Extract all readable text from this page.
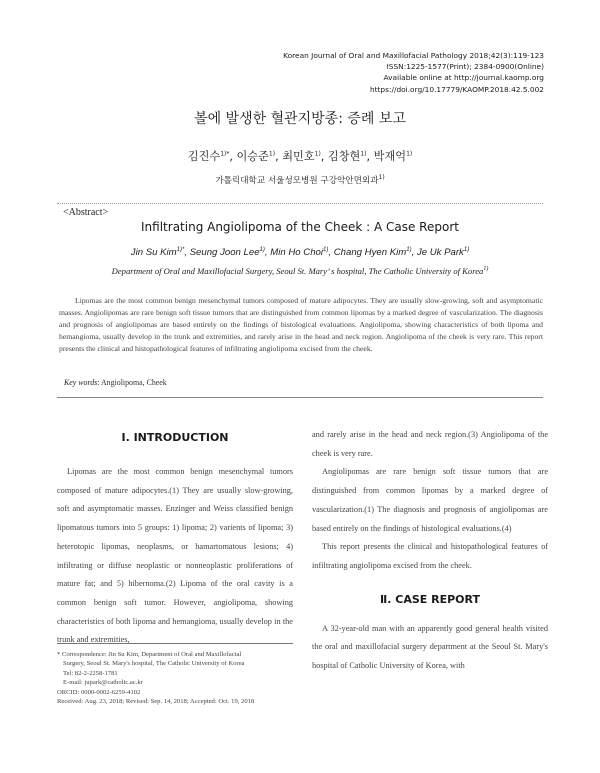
Korean Journal of Oral and Maxillofacial Pathology 2018;42(3):119-123
ISSN:1225-1577(Print); 2384-0900(Online)
Available online at http://journal.kaomp.org
https://doi.org/10.17779/KAOMP.2018.42.5.002
볼에 발생한 혈관지방종: 증례 보고
김진수$^{1)*}$, 이승준$^{1)}$, 최민호$^{1)}$, 김창현$^{1)}$, 박재억$^{1)}$
가톨릭대학교 서울성모병원 구강악안면외과$^{1)}$
<Abstract>
Infiltrating Angiolipoma of the Cheek : A Case Report
Jin Su Kim$^{1)*}$, Seung Joon Lee$^{1)}$, Min Ho Choi$^{1)}$, Chang Hyen Kim$^{1)}$, Je Uk Park$^{1)}$
Department of Oral and Maxillofacial Surgery, Seoul St. Mary’ s hospital, The Catholic University of Korea$^{1)}$

Lipomas are the most common benign mesenchymal tumors composed of mature adipocytes. They are usually slow-growing, soft and asymptomatic masses. Angiolipomas are rare benign soft tissue tumors that are distinguished from common lipomas by a marked degree of vascularization. The diagnosis and prognosis of angiolipomas are based entirely on the findings of histological evaluations. Angiolipoma, showing characteristics of both lipoma and hemangioma, usually develop in the trunk and extremities, and rarely arise in the head and neck region. Angiolipoma of the cheek is very rare. This report presents the clinical and histopathological features of infiltrating angiolipoma excised from the cheek.

Key words: Angiolipoma, Cheek
Ⅰ. INTRODUCTION

Lipomas are the most common benign mesenchymal tumors composed of mature adipocytes.(1) They are usually slow-growing, soft and asymptomatic masses. Enzinger and Weiss classified benign lipomatous tumors into 5 groups: 1) lipoma; 2) varients of lipoma; 3) heterotopic lipomas, neoplasms, or hamartomatous lesions; 4) infiltrating or diffuse neoplastic or nonneoplastic proliferations of mature fat; and 5) hibernoma.(2) Lipoma of the oral cavity is a common benign soft tumor. However, angiolipoma, showing characteristics of both lipoma and hemangioma, usually develop in the trunk and extremities,

and rarely arise in the head and neck region.(3) Angiolipoma of the cheek is very rare.

Angiolipomas are rare benign soft tissue tumors that are distinguished from common lipomas by a marked degree of vascularization.(1) The diagnosis and prognosis of angiolipomas are based entirely on the findings of histological evaluations.(4)

This report presents the clinical and histopathological features of infiltrating angiolipoma excised from the cheek.

Ⅱ. CASE REPORT

A 32-year-old man with an apparently good general health visited the oral and maxillofacial surgery department at the Seoul St. Mary's hospital of Catholic University of Korea, with

* Correspondence: Jin Su Kim, Department of Oral and Maxillofacial
Surgery, Seoul St. Mary's hospital, The Catholic University of Korea
Tel: 82-2-2258-1781
E-mail: jupark@catholic.ac.kr
ORCID: 0000-0002-6259-4102
Received: Aug. 23, 2018; Revised: Sep. 14, 2018; Accepted: Oct. 19, 2018
